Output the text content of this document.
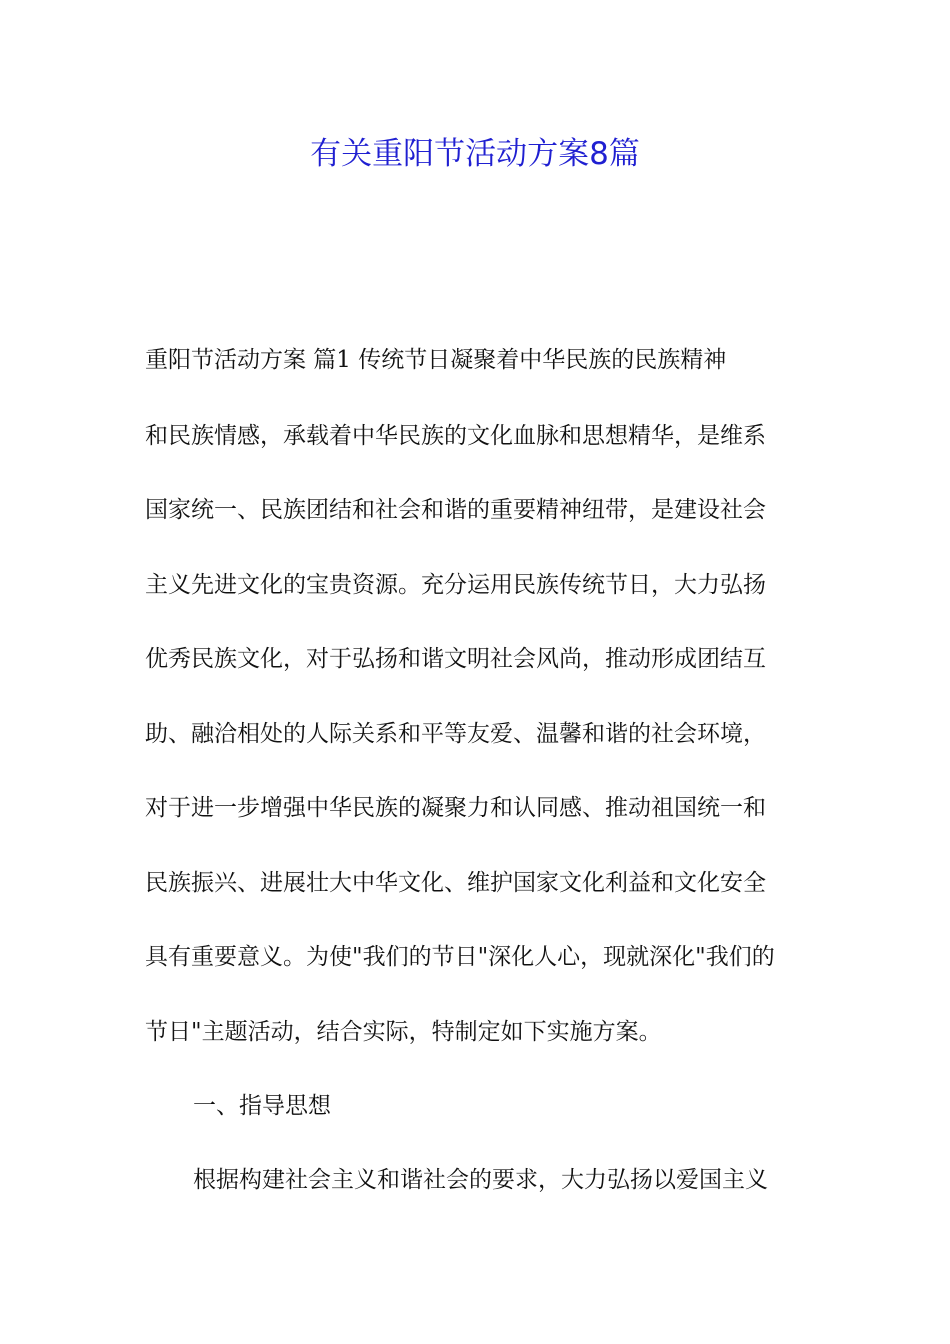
有关重阳节活动方案8篇

重阳节活动方案 篇1 传统节日凝聚着中华民族的民族精神

和民族情感，承载着中华民族的文化血脉和思想精华，是维系

国家统一、民族团结和社会和谐的重要精神纽带，是建设社会

主义先进文化的宝贵资源。充分运用民族传统节日，大力弘扬

优秀民族文化，对于弘扬和谐文明社会风尚，推动形成团结互

助、融洽相处的人际关系和平等友爱、温馨和谐的社会环境，

对于进一步增强中华民族的凝聚力和认同感、推动祖国统一和

民族振兴、进展壮大中华文化、维护国家文化利益和文化安全

具有重要意义。为使"我们的节日"深化人心，现就深化"我们的

节日"主题活动，结合实际，特制定如下实施方案。

一、指导思想

根据构建社会主义和谐社会的要求，大力弘扬以爱国主义
